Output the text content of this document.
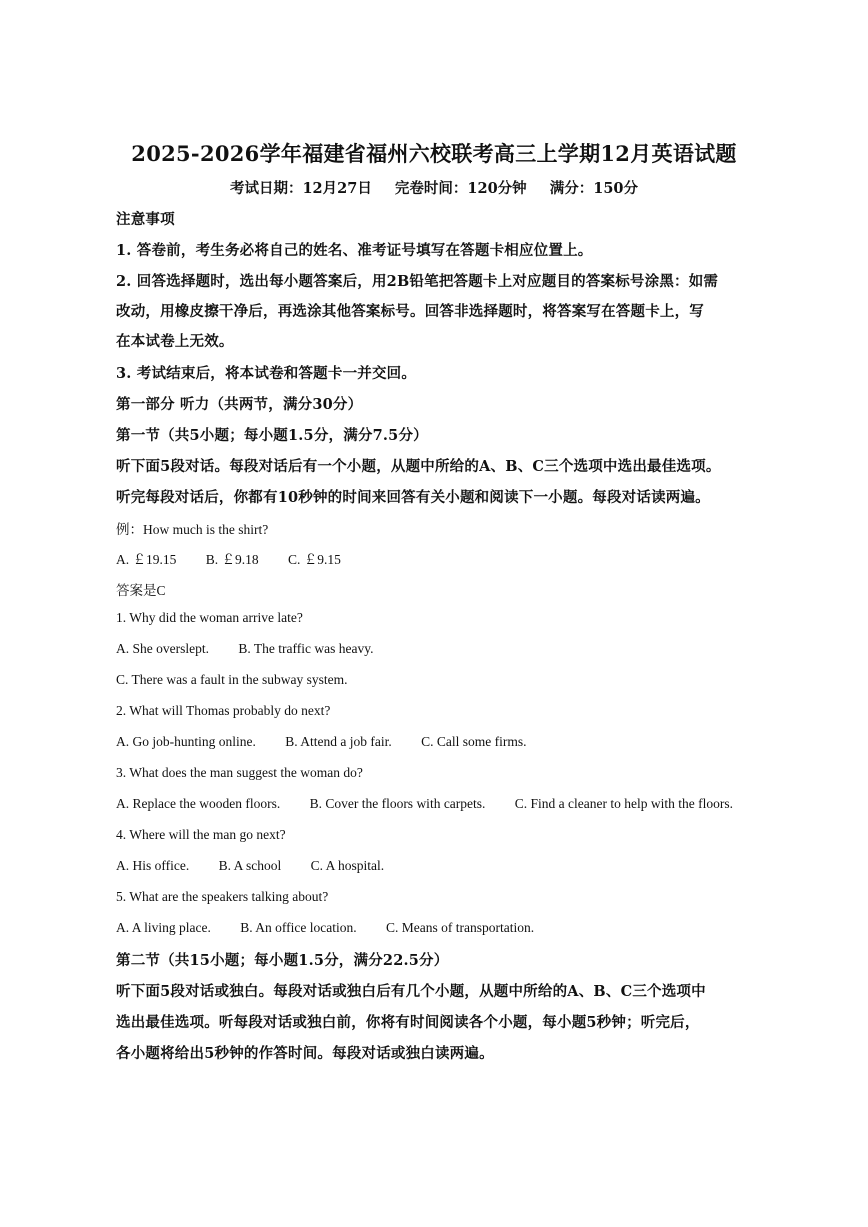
2025-2026学年福建省福州六校联考高三上学期12月英语试题
考试日期：12月27日 完卷时间：120分钟 满分：150分
注意事项
1. 答卷前，考生务必将自己的姓名、准考证号填写在答题卡相应位置上。
2. 回答选择题时，选出每小题答案后，用2B铅笔把答题卡上对应题目的答案标号涂黑：如需
改动，用橡皮擦干净后，再选涂其他答案标号。回答非选择题时，将答案写在答题卡上，写
在本试卷上无效。
3. 考试结束后，将本试卷和答题卡一并交回。
第一部分 听力（共两节，满分30分）
第一节（共5小题；每小题1.5分，满分7.5分）
听下面5段对话。每段对话后有一个小题，从题中所给的A、B、C三个选项中选出最佳选项。
听完每段对话后，你都有10秒钟的时间来回答有关小题和阅读下一小题。每段对话读两遍。
例：How much is the shirt?
A. ￡19.15 B. ￡9.18 C. ￡9.15
答案是C
1. Why did the woman arrive late?
A. She overslept. B. The traffic was heavy.
C. There was a fault in the subway system.
2. What will Thomas probably do next?
A. Go job-hunting online. B. Attend a job fair. C. Call some firms.
3. What does the man suggest the woman do?
A. Replace the wooden floors. B. Cover the floors with carpets. C. Find a cleaner to help with the floors.
4. Where will the man go next?
A. His office. B. A school C. A hospital.
5. What are the speakers talking about?
A. A living place. B. An office location. C. Means of transportation.
第二节（共15小题；每小题1.5分，满分22.5分）
听下面5段对话或独白。每段对话或独白后有几个小题，从题中所给的A、B、C三个选项中
选出最佳选项。听每段对话或独白前，你将有时间阅读各个小题，每小题5秒钟；听完后，
各小题将给出5秒钟的作答时间。每段对话或独白读两遍。
